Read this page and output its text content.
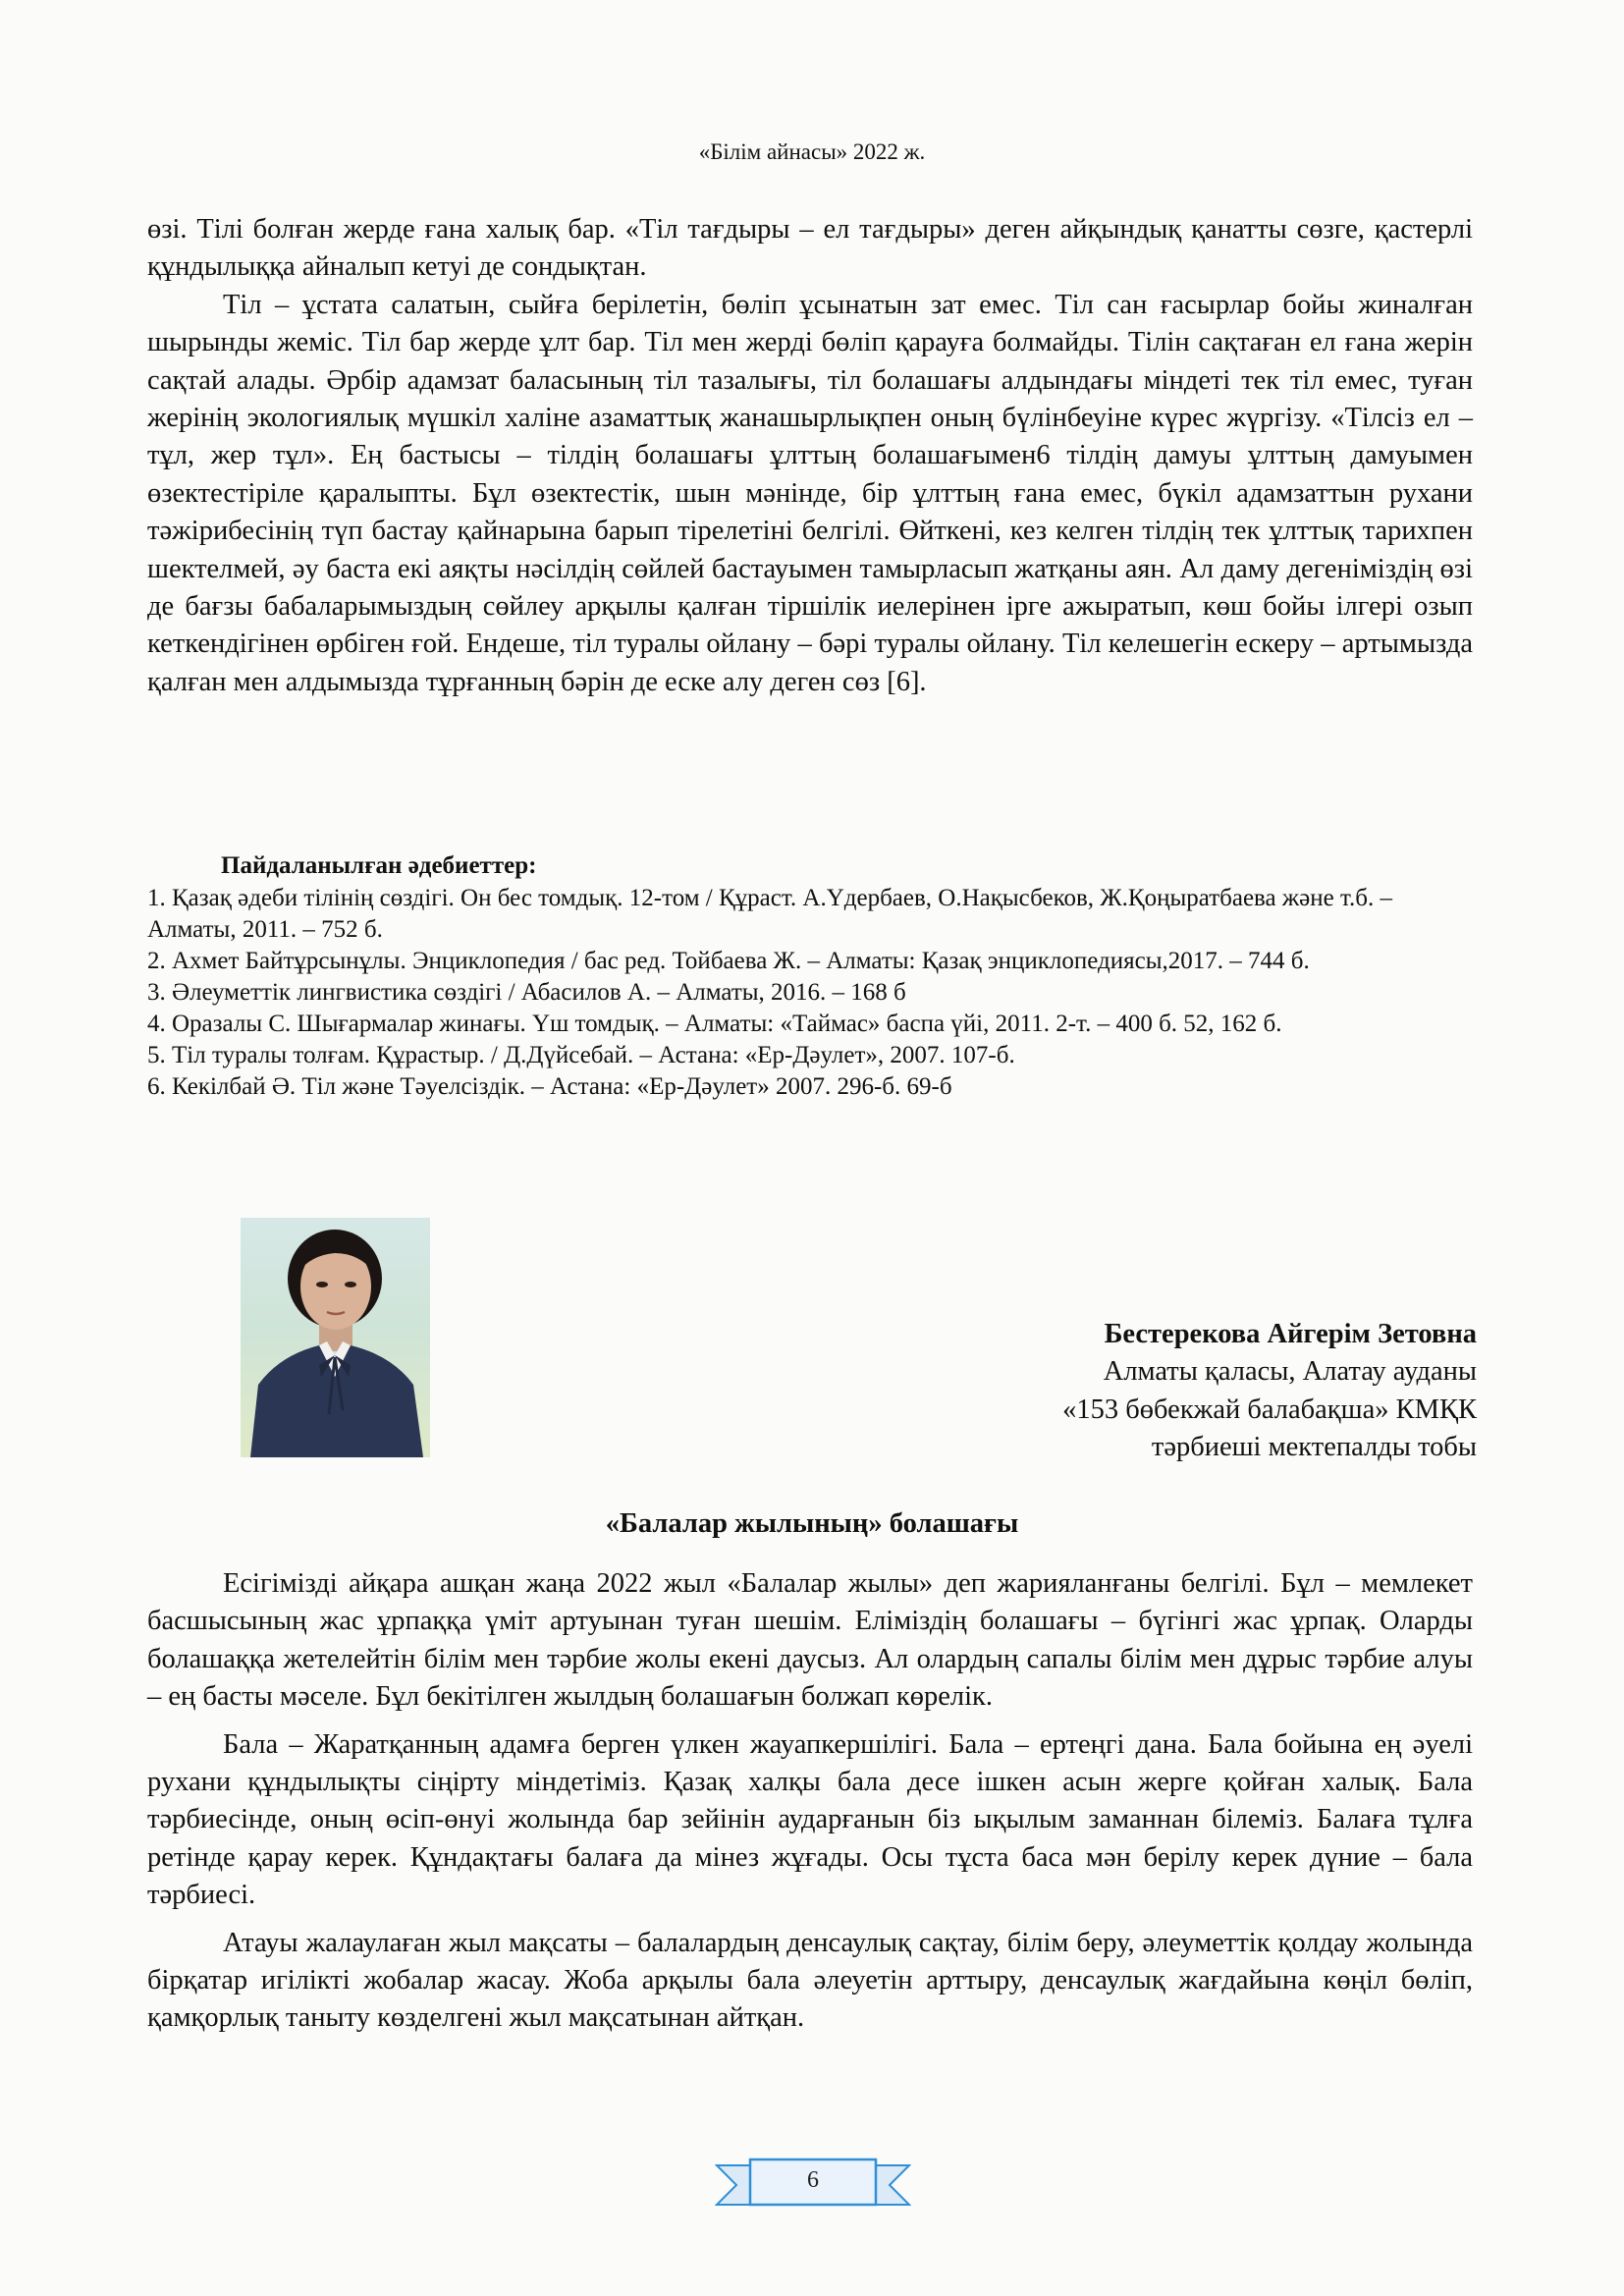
«Білім айнасы» 2022 ж.

өзі. Тілі болған жерде ғана халық бар. «Тіл тағдыры – ел тағдыры» деген айқындық қанатты сөзге, қастерлі құндылыққа айналып кетуі де сондықтан.

Тіл – ұстата салатын, сыйға берілетін, бөліп ұсынатын зат емес. Тіл сан ғасырлар бойы жиналған шырынды жеміс. Тіл бар жерде ұлт бар. Тіл мен жерді бөліп қарауға болмайды. Тілін сақтаған ел ғана жерін сақтай алады. Әрбір адамзат баласының тіл тазалығы, тіл болашағы алдындағы міндеті тек тіл емес, туған жерінің экологиялық мүшкіл халіне азаматтық жанашырлықпен оның бүлінбеуіне күрес жүргізу. «Тілсіз ел – тұл, жер тұл». Ең бастысы – тілдің болашағы ұлттың болашағымен6 тілдің дамуы ұлттың дамуымен өзектестіріле қаралыпты. Бұл өзектестік, шын мәнінде, бір ұлттың ғана емес, бүкіл адамзаттын рухани тәжірибесінің түп бастау қайнарына барып тірелетіні белгілі. Өйткені, кез келген тілдің тек ұлттық тарихпен шектелмей, әу баста екі аяқты нәсілдің сөйлей бастауымен тамырласып жатқаны аян. Ал даму дегеніміздің өзі де бағзы бабаларымыздың сөйлеу арқылы қалған тіршілік иелерінен ірге ажыратып, көш бойы ілгері озып кеткендігінен өрбіген ғой. Ендеше, тіл туралы ойлану – бәрі туралы ойлану. Тіл келешегін ескеру – артымызда қалған мен алдымызда тұрғанның бәрін де еске алу деген сөз [6].

Пайдаланылған әдебиеттер:
1. Қазақ әдеби тілінің сөздігі. Он бес томдық. 12-том / Құраст. А.Үдербаев, О.Нақысбеков, Ж.Қоңыратбаева және т.б. – Алматы, 2011. – 752 б.
2. Ахмет Байтұрсынұлы. Энциклопедия / бас ред. Тойбаева Ж. – Алматы: Қазақ энциклопедиясы,2017. – 744 б.
3. Әлеуметтік лингвистика сөздігі / Абасилов А. – Алматы, 2016. – 168 б
4. Оразалы С. Шығармалар жинағы. Үш томдық. – Алматы: «Таймас» баспа үйі, 2011. 2-т. – 400 б. 52, 162 б.
5. Тіл туралы толғам. Құрастыр. / Д.Дүйсебай. – Астана: «Ер-Дәулет», 2007. 107-б.
6. Кекілбай Ә. Тіл және Тәуелсіздік. – Астана: «Ер-Дәулет» 2007. 296-б. 69-б
Бестерекова Айгерім Зетовна
Алматы қаласы, Алатау ауданы
«153 бөбекжай балабақша» КМҚК
тәрбиеші мектепалды тобы
«Балалар жылының» болашағы

Есігімізді айқара ашқан жаңа 2022 жыл «Балалар жылы» деп жарияланғаны белгілі. Бұл – мемлекет басшысының жас ұрпаққа үміт артуынан туған шешім. Еліміздің болашағы – бүгінгі жас ұрпақ. Оларды болашаққа жетелейтін білім мен тәрбие жолы екені даусыз. Ал олардың сапалы білім мен дұрыс тәрбие алуы – ең басты мәселе. Бұл бекітілген жылдың болашағын болжап көрелік.

Бала – Жаратқанның адамға берген үлкен жауапкершілігі. Бала – ертеңгі дана. Бала бойына ең әуелі рухани құндылықты сіңірту міндетіміз. Қазақ халқы бала десе ішкен асын жерге қойған халық. Бала тәрбиесінде, оның өсіп-өнуі жолында бар зейінін аударғанын біз ықылым заманнан білеміз. Балаға тұлға ретінде қарау керек. Құндақтағы балаға да мінез жұғады. Осы тұста баса мән берілу керек дүние – бала тәрбиесі.

Атауы жалаулаған жыл мақсаты – балалардың денсаулық сақтау, білім беру, әлеуметтік қолдау жолында бірқатар игілікті жобалар жасау. Жоба арқылы бала әлеуетін арттыру, денсаулық жағдайына көңіл бөліп, қамқорлық таныту көзделгені жыл мақсатынан айтқан.

6
